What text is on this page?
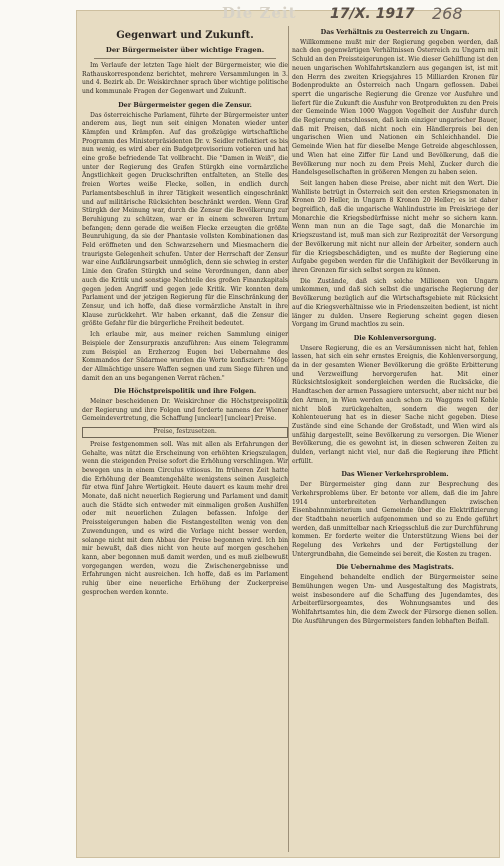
Die Zeit	17/X. 1917 268
Gegenwart und Zukunft.
Der Bürgermeister über wichtige Fragen.

Im Verlaufe der letzten Tage hielt der Bürgermeister, wie die Rathauskorrespondenz berichtet, mehrere Versammlungen in 3. und 4. Bezirk ab. Dr. Weiskirchner sprach über wichtige politische und kommunale Fragen der Gegenwart und Zukunft.

Der Bürgermeister gegen die Zensur.

Das österreichische Parlament, führte der Bürgermeister unter anderem aus, liegt nun seit einigen Monaten wieder unter Kämpfen und Krämpfen. Auf das großzügige wirtschaftliche Programm des Ministerpräsidenten Dr. v. Seidler reflektiert es bis nun wenig, es wird aber ein Budgetprovisorium votieren und hat eine große befriedende Tat vollbracht. Die "Damen in Weiß", die unter der Regierung des Grafen Stürgkh eine vormärzliche Ängstlichkeit gegen Druckschriften entfalteten, an Stelle des freien Wortes weiße Flecke, sollen, in endlich durch Parlamentsbeschluß in ihrer Tätigkeit wesentlich eingeschränkt und auf militärische Rücksichten beschränkt werden. Wenn Graf Stürgkh der Meinung war, durch die Zensur die Bevölkerung zur Beruhigung zu schützen, war er in einem schweren Irrtum befangen; denn gerade die weißen Flecke erzeugten die größte Beunruhigung, da sie der Phantasie vollsten Kombinationen das Feld eröffneten und den Schwarzsehern und Miesmachern die traurigste Gelegenheit schufen. Unter der Herrschaft der Zensur war eine Aufklärungsarbeit unmöglich, denn sie schwieg in erster Linie den Grafen Stürgkh und seine Verordnungen, dann aber auch die Kritik und sonstige Nachteile des großen Finanzkapitals gegen jeden Angriff und gegen jede Kritik. Wir konnten dem Parlament und der jetzigen Regierung für die Einschränkung der Zensur, und ich hoffe, daß diese vormärzliche Anstalt in ihre Klause zurückkehrt. Wir haben erkannt, daß die Zensur die größte Gefahr für die bürgerliche Freiheit bedeutet.

Ich erlaube mir, aus meiner reichen Sammlung einiger Beispiele der Zensurpraxis anzuführen: Aus einem Telegramm zum Beispiel an Erzherzog Eugen bei Uebernahme des Kommandos der Südarmee wurden die Worte konfisziert: "Möge der Allmächtige unsere Waffen segnen und zum Siege führen und damit den an uns begangenen Verrat rächen."

Die Höchstpreispolitik und ihre Folgen.

Meiner bescheidenen Dr. Weiskirchner die Höchstpreispolitik der Regierung und ihre Folgen und forderte namens der Wiener Gemeindevertretung, die Schaffung [unclear] [unclear] Preise.

Preise, festzusetzen.

Preise festgenommen soll. Was mit allen als Erfahrungen der Gehalte, was nützt die Erscheinung von erhöhten Kriegszulagen, wenn die steigenden Preise sofort die Erhöhung verschlingen. Wir bewegen uns in einem Circulus vitiosus. Im früheren Zeit hatte die Erhöhung der Beamtengehälte wenigstens seinen Ausgleich für etwa fünf Jahre Wertigkeit. Heute dauert es kaum mehr drei Monate, daß nicht neuerlich Regierung und Parlament und damit auch die Städte sich entweder mit einmaligen großen Aushilfen oder mit neuerlichen Zulagen befassen. Infolge der Preissteigerungen haben die Festangestellten wenig von den Zuwendungen, und es wird die Vorlage nicht besser werden, solange nicht mit dem Abbau der Preise begonnen wird. Ich bin mir bewußt, daß dies nicht von heute auf morgen geschehen kann, aber begonnen muß damit werden, und es muß zielbewußt vorgegangen werden, wozu die Zwischenergebnisse und Erfahrungen nicht ausreichen. Ich hoffe, daß es im Parlament ruhig über eine neuerliche Erhöhung der Zuckerpreise gesprochen werden konnte.

Das Verhältnis zu Oesterreich zu Ungarn.

Willkommene mußt mir der Regierung gegeben werden, daß nach den gegenwärtigen Verhältnissen Österreich zu Ungarn mit Schuld an den Preissteigerungen ist. Wie dieser Gehilflung ist den neuen ungarischen Wohlfahrtskanzlern aus gegangen ist, ist mit den Herrn des zweiten Kriegsjahres 15 Milliarden Kronen für Bodenprodukte an Österreich nach Ungarn geflossen. Dabei sperrt die ungarische Regierung die Grenze vor Ausfuhre und liefert für die Zukunft die Ausfuhr von Brotprodukten zu den Preis der Gemeinde Wien 1000 Waggon Vogelheit der Ausfuhr durch die Regierung entschlossen, daß kein einziger ungarischer Bauer, daß mit Preisen, daß nicht noch ein Händlerpreis bei den ungarischen Wien und Nationen ein Schleichhandel. Die Gemeinde Wien hat für dieselbe Menge Getreide abgeschlossen, und Wien hat eine Ziffer für Land und Bevölkerung, daß die Bevölkerung nur noch zu dem Preis Mehl, Zucker durch die Handelsgesellschaften in größeren Mengen zu haben seien.

Seit langen haben diese Preise, aber nicht mit den Wert. Die Wahlliste betrügt in Österreich seit den ersten Kriegsmonaten in Kronen 20 Heller, in Ungarn 8 Kronen 20 Heller; es ist daher begreiflich, daß die ungarische Wahlindustrie im Preiskriege der Monarchie die Kriegsbedürfnisse nicht mehr so sichern kann. Wenn man nun an die Tage sagt, daß die Monarchie im Kriegszustand ist, muß man sich zur Reziprozität der Versorgung der Bevölkerung mit nicht nur allein der Arbeiter, sondern auch für die Kriegsbeschädigten, und es mußte der Regierung eine Aufgabe gegeben werden für die Unfähigkeit der Bevölkerung in ihren Grenzen für sich selbst sorgen zu können.

Die Zustände, daß sich solche Millionen von Ungarn umkommen, und daß sich selbst die ungarische Regierung der Bevölkerung bezüglich auf die Wirtschaftsgebiete mit Rücksicht auf die Kriegsverhältnisse wie in Friedenszeiten bedient, ist nicht länger zu dulden. Unsere Regierung scheint gegen diesen Vorgang im Grund machtlos zu sein.

Die Kohlenversorgung.

Unsere Regierung, die es an Versäumnissen nicht hat, fehlen lassen, hat sich ein sehr ernstes Ereignis, die Kohlenversorgung, da in der gesamten Wiener Bevölkerung die größte Erbitterung und Verzweiflung hervorgerufen hat. Mit einer Rücksichtslosigkeit sondergleichen werden die Rucksäcke, die Handtaschen der armen Passagiere untersucht, aber nicht nur bei den Armen, in Wien werden auch schon zu Waggons voll Kohle nicht bloß zurückgehalten, sondern die wegen der Kohlenteuerung hat es in dieser Sache nicht gegeben. Diese Zustände sind eine Schande der Großstadt, und Wien wird als unfähig dargestellt, seine Bevölkerung zu versorgen. Die Wiener Bevölkerung, die es gewohnt ist, in diesen schweren Zeiten zu dulden, verlangt nicht viel, nur daß die Regierung ihre Pflicht erfüllt.

Das Wiener Verkehrsproblem.

Der Bürgermeister ging dann zur Besprechung des Verkehrsproblems über. Er betonte vor allem, daß die im Jahre 1914 unterbreiteten Verhandlungen zwischen Eisenbahnministerium und Gemeinde über die Elektrifizierung der Stadtbahn neuerlich aufgenommen und so zu Ende geführt werden, daß unmittelbar nach Kriegsschluß die zur Durchführung kommen. Er forderte weiter die Unterstützung Wiens bei der Regelung des Verkehrs und der Fertigstellung der Untergrundbahn, die Gemeinde sei bereit, die Kosten zu tragen.

Die Uebernahme des Magistrats.

Eingehend behandelte endlich der Bürgermeister seine Bemühungen wegen Um- und Ausgestaltung des Magistrats, weist insbesondere auf die Schaffung des Jugendamtes, des Arbeiterfürsorgeamtes, des Wohnungsamtes und des Wohlfahrtsamtes hin, die dem Zweck der Fürsorge dienen sollen. Die Ausführungen des Bürgermeisters fanden lebhaften Beifall.
